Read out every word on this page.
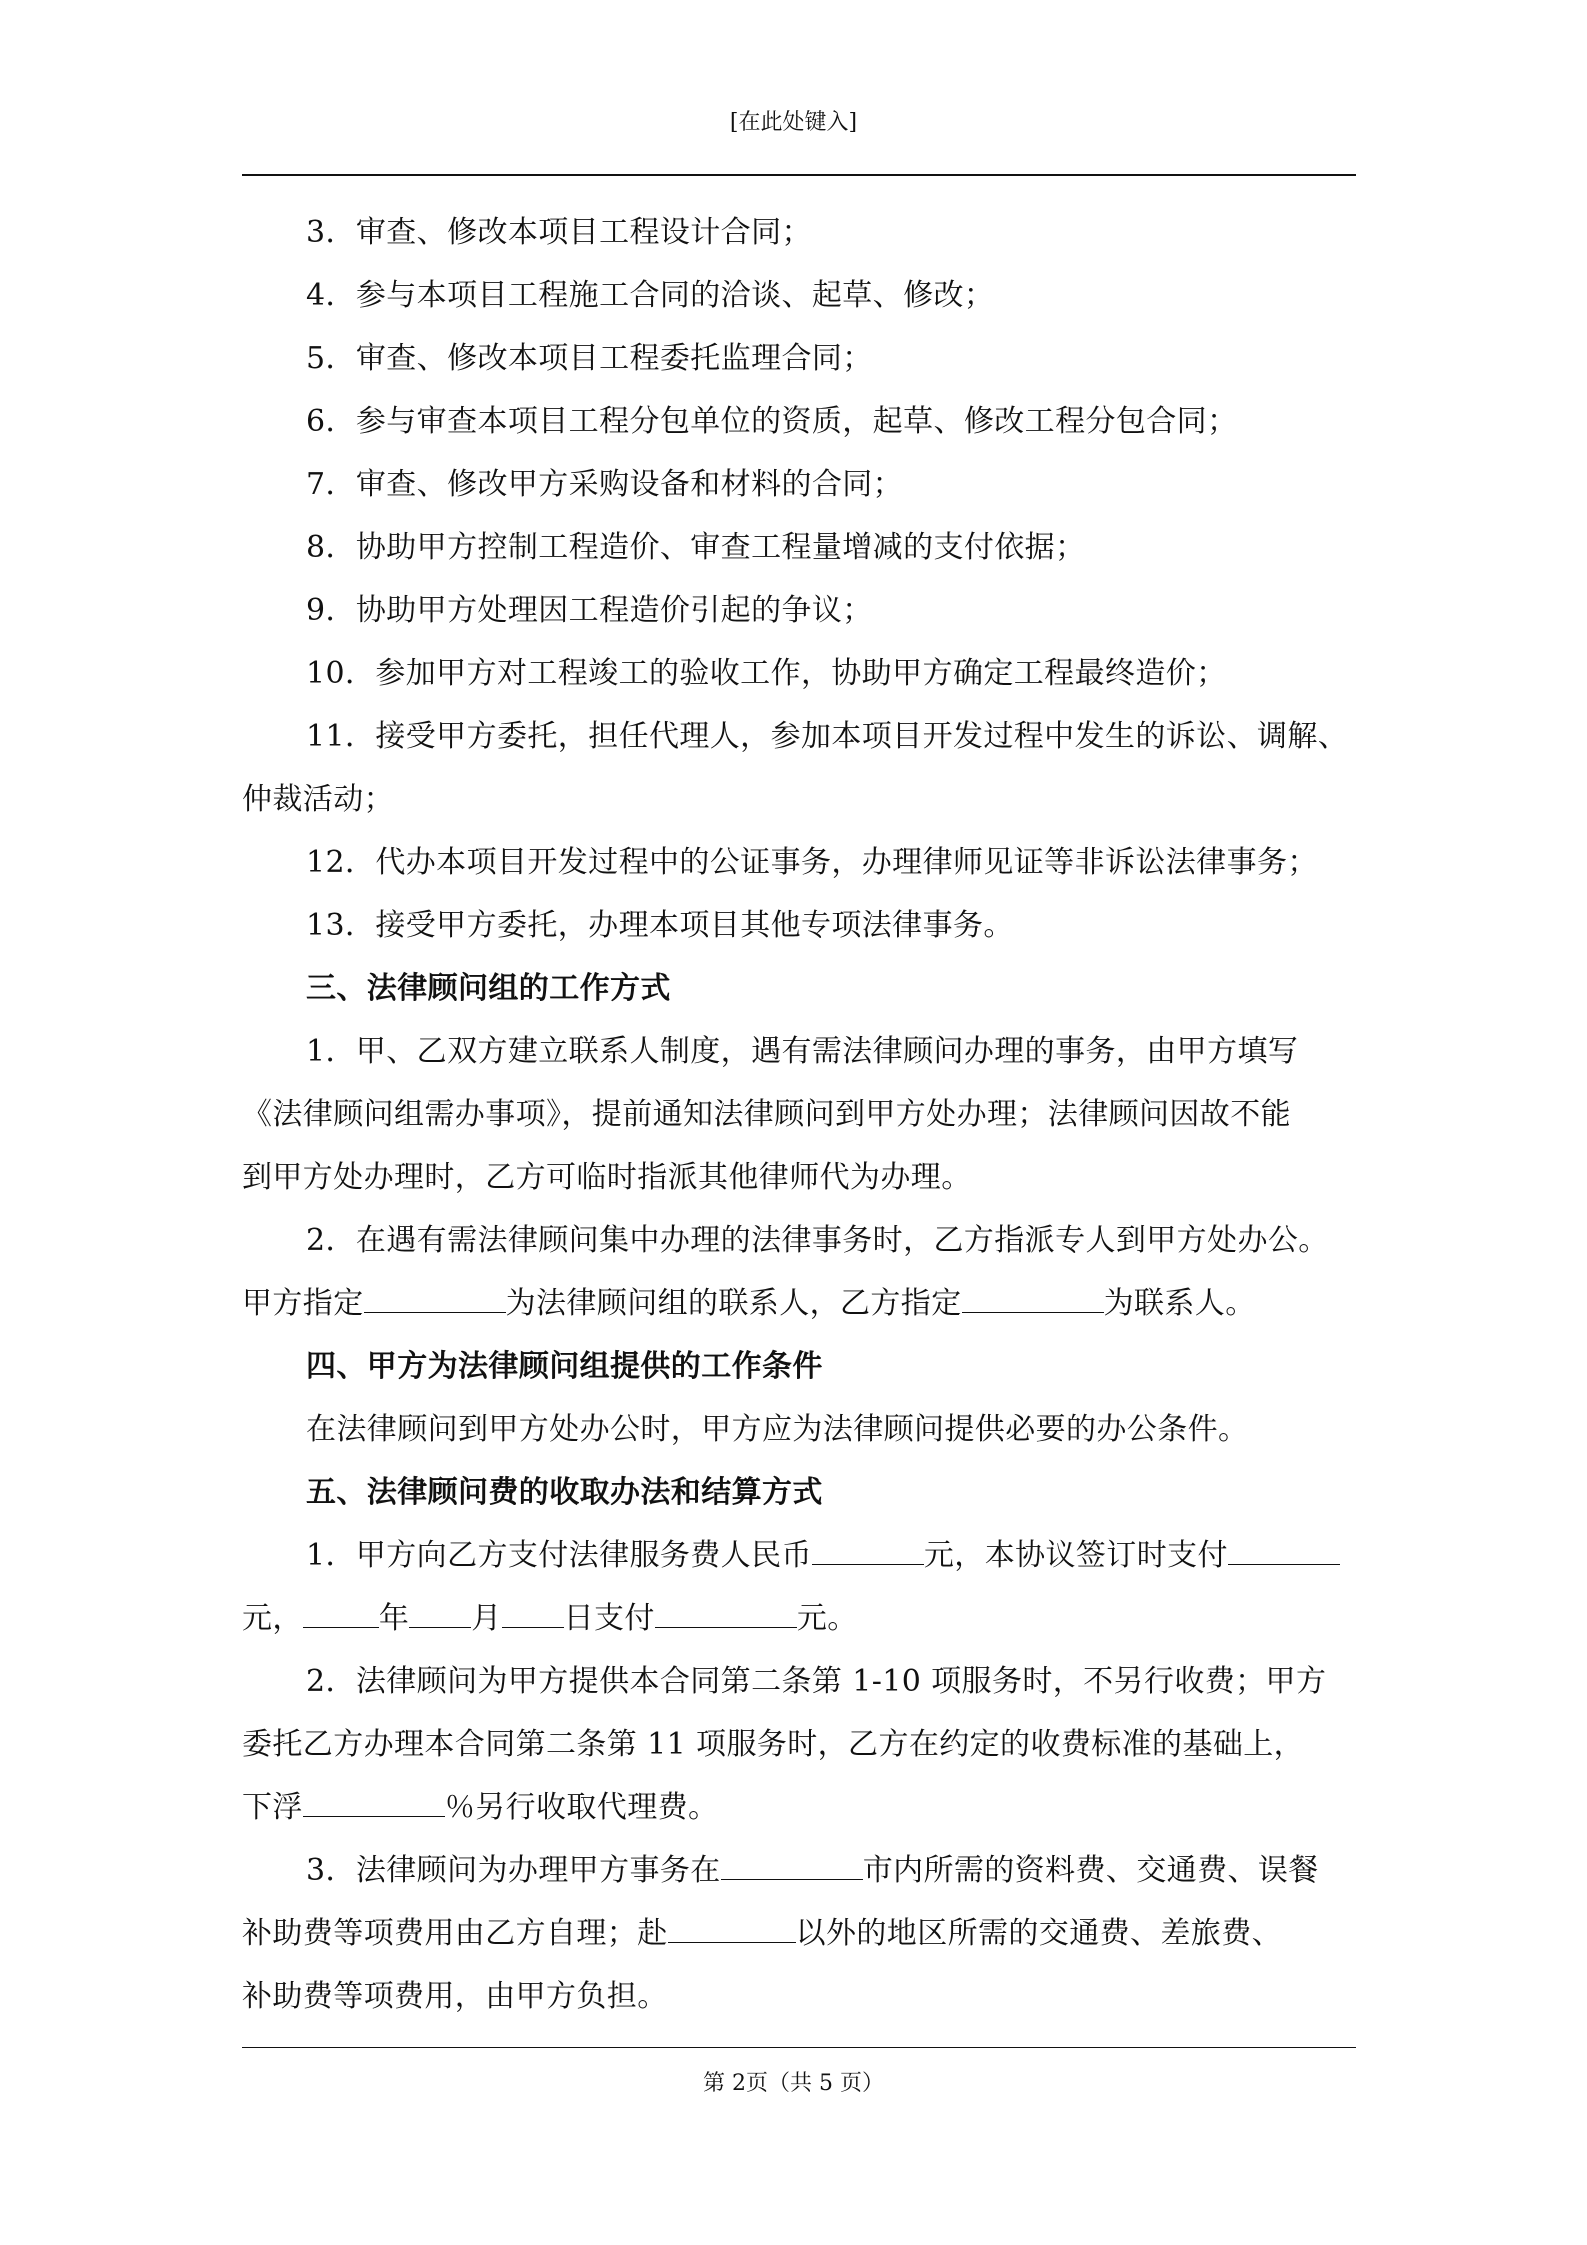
[在此处键入]

3．审查、修改本项目工程设计合同；

4．参与本项目工程施工合同的洽谈、起草、修改；

5．审查、修改本项目工程委托监理合同；

6．参与审查本项目工程分包单位的资质，起草、修改工程分包合同；

7．审查、修改甲方采购设备和材料的合同；

8．协助甲方控制工程造价、审查工程量增减的支付依据；

9．协助甲方处理因工程造价引起的争议；

10．参加甲方对工程竣工的验收工作，协助甲方确定工程最终造价；

11．接受甲方委托，担任代理人，参加本项目开发过程中发生的诉讼、调解、

仲裁活动；

12．代办本项目开发过程中的公证事务，办理律师见证等非诉讼法律事务；

13．接受甲方委托，办理本项目其他专项法律事务。

三、法律顾问组的工作方式

1．甲、乙双方建立联系人制度，遇有需法律顾问办理的事务，由甲方填写

《法律顾问组需办事项》，提前通知法律顾问到甲方处办理；法律顾问因故不能

到甲方处办理时，乙方可临时指派其他律师代为办理。

2．在遇有需法律顾问集中办理的法律事务时，乙方指派专人到甲方处办公。

甲方指定	为法律顾问组的联系人，乙方指定	为联系人。

四、甲方为法律顾问组提供的工作条件

在法律顾问到甲方处办公时，甲方应为法律顾问提供必要的办公条件。

五、法律顾问费的收取办法和结算方式

1．甲方向乙方支付法律服务费人民币	元，本协议签订时支付

元，	年 月 日支付	元。

2．法律顾问为甲方提供本合同第二条第 1-10 项服务时，不另行收费；甲方

委托乙方办理本合同第二条第 11 项服务时，乙方在约定的收费标准的基础上，

下浮	％另行收取代理费。

3．法律顾问为办理甲方事务在	市内所需的资料费、交通费、误餐

补助费等项费用由乙方自理；赴	以外的地区所需的交通费、差旅费、

补助费等项费用，由甲方负担。

第 2页（共 5 页）
